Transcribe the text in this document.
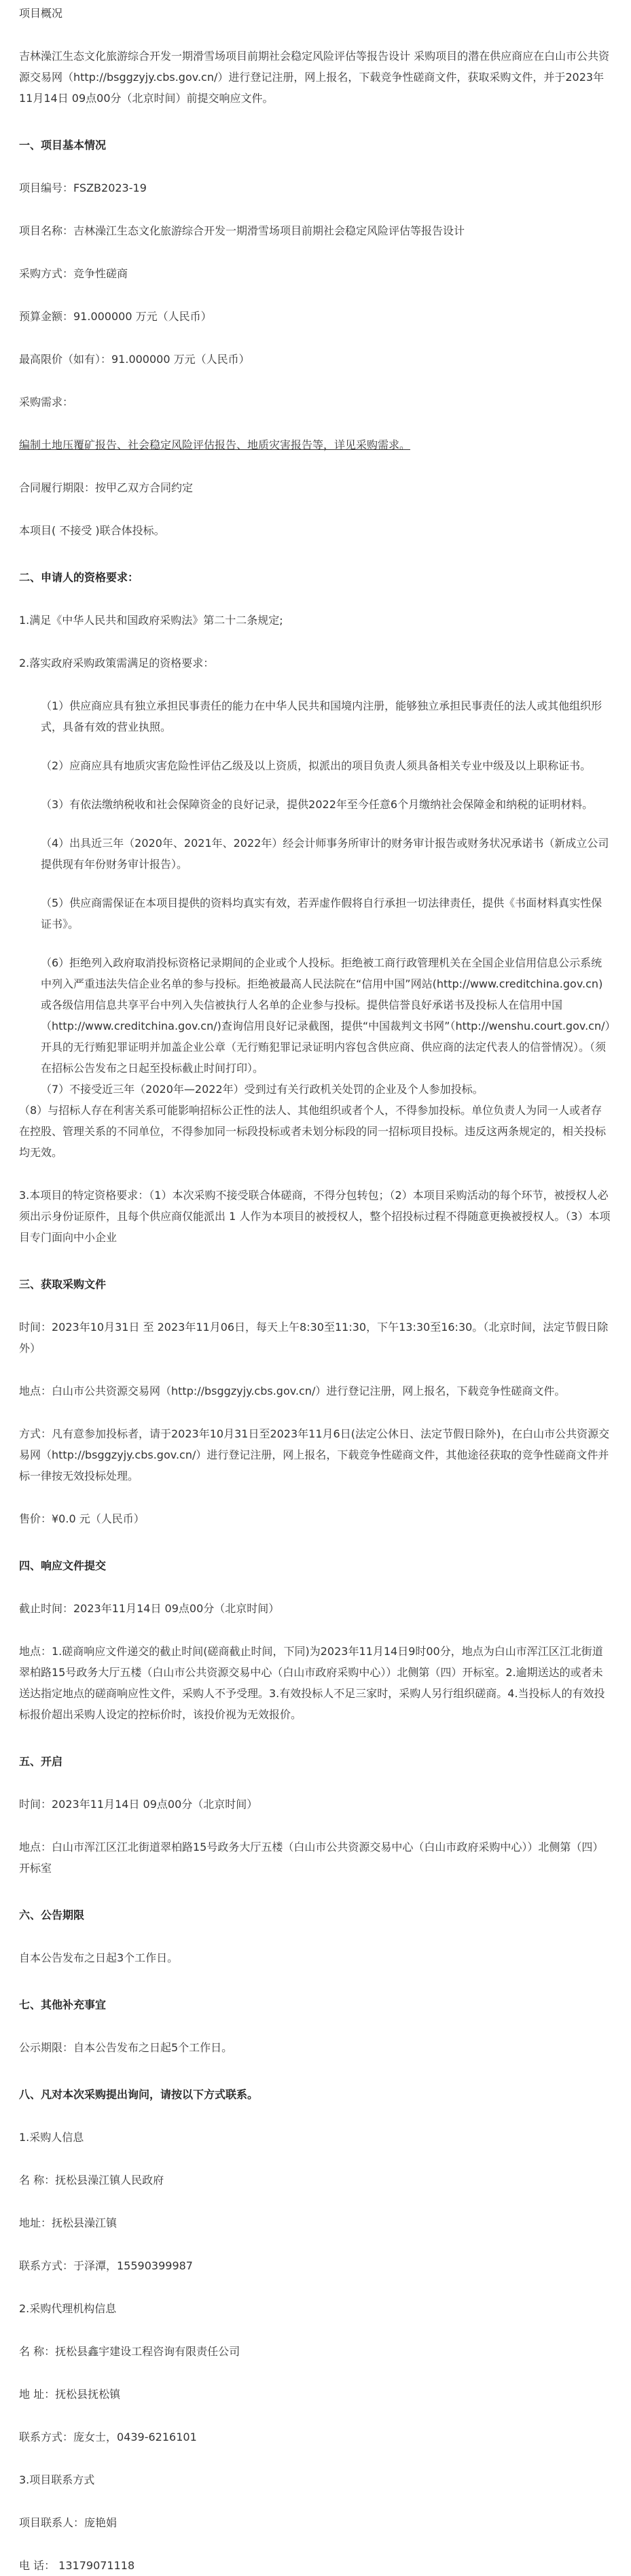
项目概况

吉林澡江生态文化旅游综合开发一期滑雪场项目前期社会稳定风险评估等报告设计 采购项目的潜在供应商应在白山市公共资源交易网（http://bsggzyjy.cbs.gov.cn/）进行登记注册，网上报名，下载竞争性磋商文件，获取采购文件，并于2023年11月14日 09点00分（北京时间）前提交响应文件。

一、项目基本情况

项目编号：FSZB2023-19

项目名称：吉林澡江生态文化旅游综合开发一期滑雪场项目前期社会稳定风险评估等报告设计

采购方式：竞争性磋商

预算金额：91.000000 万元（人民币）

最高限价（如有）：91.000000 万元（人民币）

采购需求：

编制土地压覆矿报告、社会稳定风险评估报告、地质灾害报告等，详见采购需求。

合同履行期限：按甲乙双方合同约定

本项目( 不接受 )联合体投标。

二、申请人的资格要求：

1.满足《中华人民共和国政府采购法》第二十二条规定;

2.落实政府采购政策需满足的资格要求：

（1）供应商应具有独立承担民事责任的能力在中华人民共和国境内注册，能够独立承担民事责任的法人或其他组织形式，具备有效的营业执照。

（2）应商应具有地质灾害危险性评估乙级及以上资质，拟派出的项目负责人须具备相关专业中级及以上职称证书。

（3）有依法缴纳税收和社会保障资金的良好记录，提供2022年至今任意6个月缴纳社会保障金和纳税的证明材料。

（4）出具近三年（2020年、2021年、2022年）经会计师事务所审计的财务审计报告或财务状况承诺书（新成立公司提供现有年份财务审计报告）。

（5）供应商需保证在本项目提供的资料均真实有效，若弄虚作假将自行承担一切法律责任，提供《书面材料真实性保证书》。

（6）拒绝列入政府取消投标资格记录期间的企业或个人投标。拒绝被工商行政管理机关在全国企业信用信息公示系统中列入严重违法失信企业名单的参与投标。拒绝被最高人民法院在“信用中国”网站(http://www.creditchina.gov.cn)或各级信用信息共享平台中列入失信被执行人名单的企业参与投标。提供信誉良好承诺书及投标人在信用中国（http://www.creditchina.gov.cn/)查询信用良好记录截图，提供“中国裁判文书网”（http://wenshu.court.gov.cn/）开具的无行贿犯罪证明并加盖企业公章（无行贿犯罪记录证明内容包含供应商、供应商的法定代表人的信誉情况）。（须在招标公告发布之日起至投标截止时间打印）。

（7）不接受近三年（2020年—2022年）受到过有关行政机关处罚的企业及个人参加投标。

（8）与招标人存在利害关系可能影响招标公正性的法人、其他组织或者个人，不得参加投标。单位负责人为同一人或者存在控股、管理关系的不同单位，不得参加同一标段投标或者未划分标段的同一招标项目投标。违反这两条规定的，相关投标均无效。

3.本项目的特定资格要求：（1）本次采购不接受联合体磋商，不得分包转包；（2）本项目采购活动的每个环节，被授权人必须出示身份证原件，且每个供应商仅能派出 1 人作为本项目的被授权人，整个招投标过程不得随意更换被授权人。（3）本项目专门面向中小企业

三、获取采购文件

时间：2023年10月31日 至 2023年11月06日，每天上午8:30至11:30，下午13:30至16:30。（北京时间，法定节假日除外）

地点：白山市公共资源交易网（http://bsggzyjy.cbs.gov.cn/）进行登记注册，网上报名，下载竞争性磋商文件。

方式：凡有意参加投标者，请于2023年10月31日至2023年11月6日(法定公休日、法定节假日除外)，在白山市公共资源交易网（http://bsggzyjy.cbs.gov.cn/）进行登记注册，网上报名，下载竞争性磋商文件，其他途径获取的竞争性磋商文件并标一律按无效投标处理。

售价：¥0.0 元（人民币）

四、响应文件提交

截止时间：2023年11月14日 09点00分（北京时间）

地点：1.磋商响应文件递交的截止时间(磋商截止时间，下同)为2023年11月14日9时00分，地点为白山市浑江区江北街道翠柏路15号政务大厅五楼（白山市公共资源交易中心（白山市政府采购中心））北侧第（四）开标室。2.逾期送达的或者未送达指定地点的磋商响应性文件，采购人不予受理。3.有效投标人不足三家时，采购人另行组织磋商。4.当投标人的有效投标报价超出采购人设定的控标价时，该投价视为无效报价。

五、开启

时间：2023年11月14日 09点00分（北京时间）

地点：白山市浑江区江北街道翠柏路15号政务大厅五楼（白山市公共资源交易中心（白山市政府采购中心））北侧第（四）开标室

六、公告期限

自本公告发布之日起3个工作日。

七、其他补充事宜

公示期限：自本公告发布之日起5个工作日。

八、凡对本次采购提出询问，请按以下方式联系。

1.采购人信息

名 称：抚松县澡江镇人民政府

地址：抚松县澡江镇

联系方式：于泽潭，15590399987

2.采购代理机构信息

名 称：抚松县鑫宇建设工程咨询有限责任公司

地 址：抚松县抚松镇

联系方式：庞女士，0439-6216101

3.项目联系方式

项目联系人：庞艳娟

电 话： 13179071118
